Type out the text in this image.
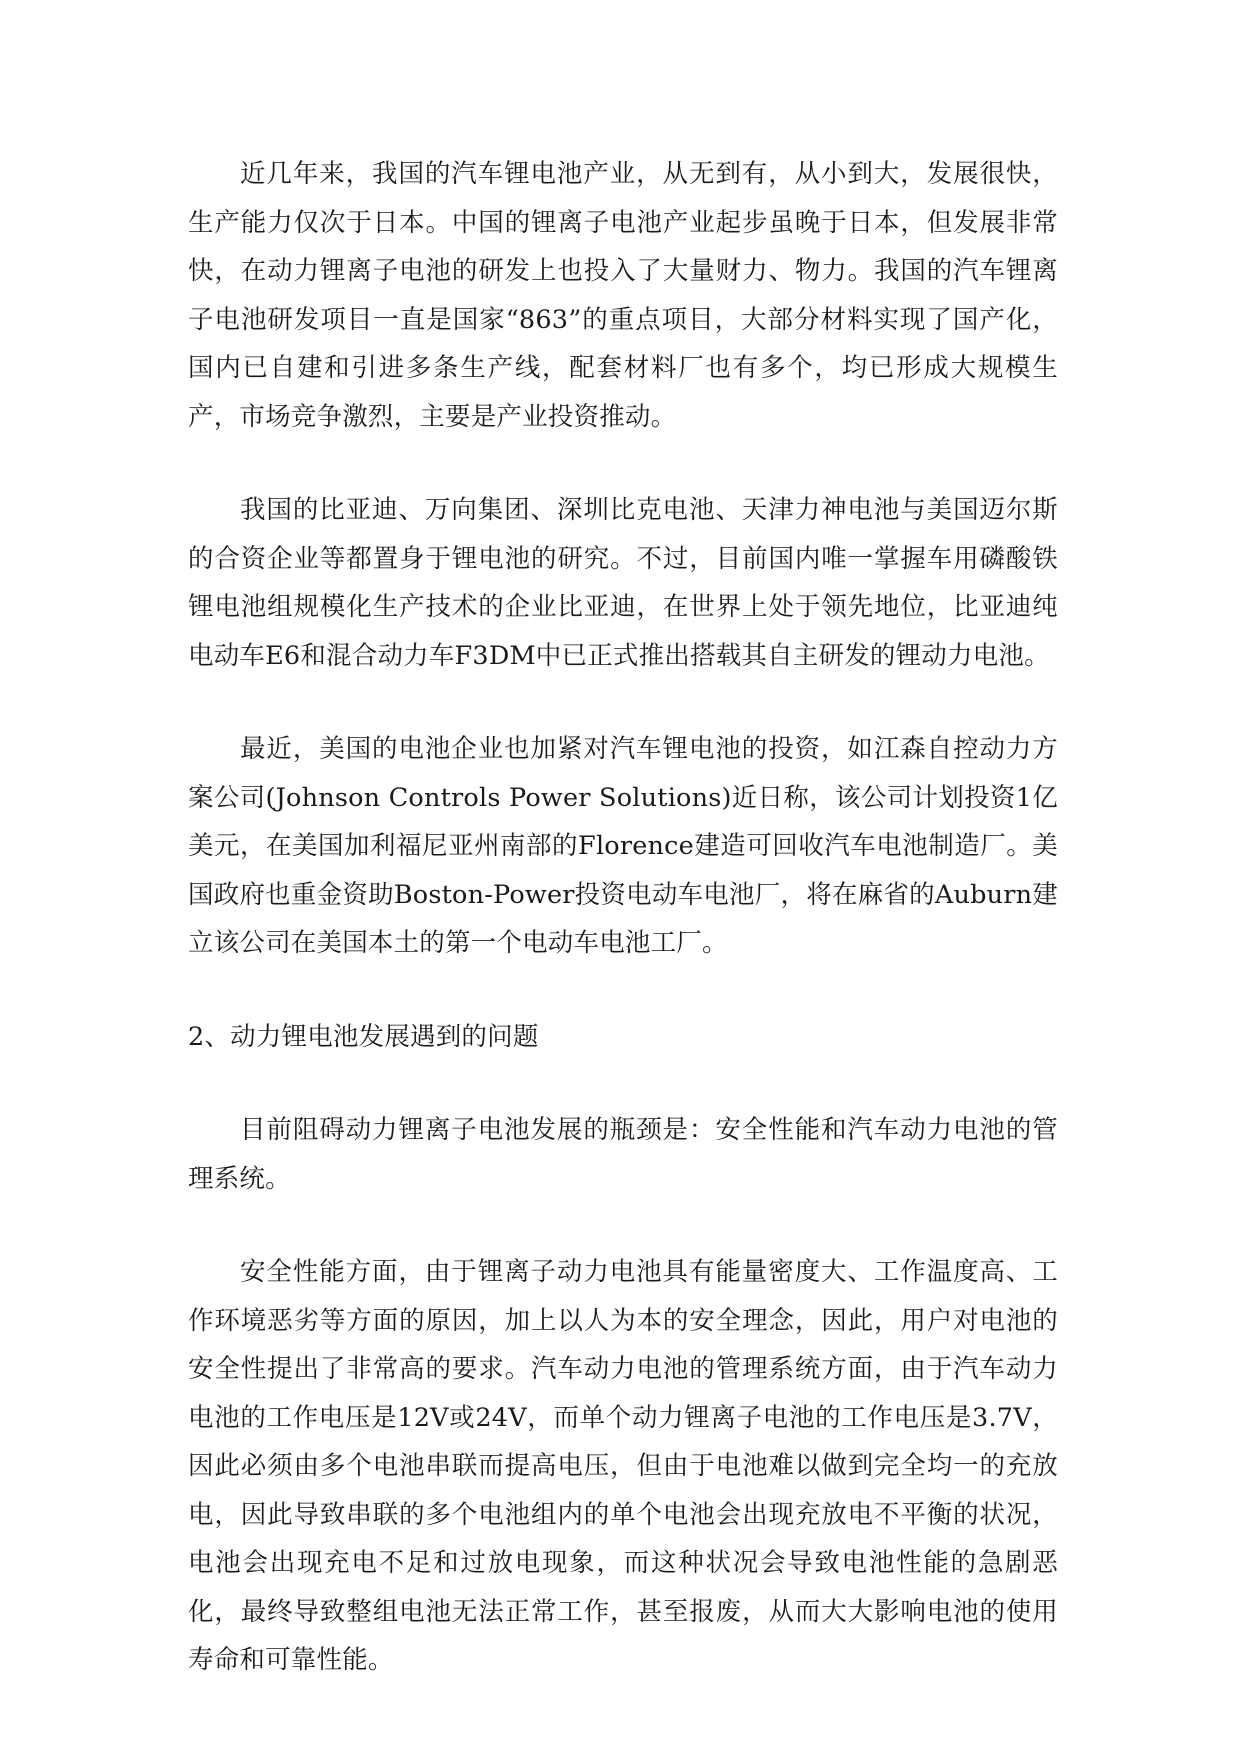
近几年来，我国的汽车锂电池产业，从无到有，从小到大，发展很快，生产能力仅次于日本。中国的锂离子电池产业起步虽晚于日本，但发展非常快，在动力锂离子电池的研发上也投入了大量财力、物力。我国的汽车锂离子电池研发项目一直是国家“863”的重点项目，大部分材料实现了国产化，国内已自建和引进多条生产线，配套材料厂也有多个，均已形成大规模生产，市场竞争激烈，主要是产业投资推动。

我国的比亚迪、万向集团、深圳比克电池、天津力神电池与美国迈尔斯的合资企业等都置身于锂电池的研究。不过，目前国内唯一掌握车用磷酸铁锂电池组规模化生产技术的企业比亚迪，在世界上处于领先地位，比亚迪纯电动车E6和混合动力车F3DM中已正式推出搭载其自主研发的锂动力电池。

最近，美国的电池企业也加紧对汽车锂电池的投资，如江森自控动力方案公司(Johnson Controls Power Solutions)近日称，该公司计划投资1亿美元，在美国加利福尼亚州南部的Florence建造可回收汽车电池制造厂。美国政府也重金资助Boston-Power投资电动车电池厂，将在麻省的Auburn建立该公司在美国本土的第一个电动车电池工厂。

2、动力锂电池发展遇到的问题

目前阻碍动力锂离子电池发展的瓶颈是：安全性能和汽车动力电池的管理系统。

安全性能方面，由于锂离子动力电池具有能量密度大、工作温度高、工作环境恶劣等方面的原因，加上以人为本的安全理念，因此，用户对电池的安全性提出了非常高的要求。汽车动力电池的管理系统方面，由于汽车动力电池的工作电压是12V或24V，而单个动力锂离子电池的工作电压是3.7V，因此必须由多个电池串联而提高电压，但由于电池难以做到完全均一的充放电，因此导致串联的多个电池组内的单个电池会出现充放电不平衡的状况，电池会出现充电不足和过放电现象，而这种状况会导致电池性能的急剧恶化，最终导致整组电池无法正常工作，甚至报废，从而大大影响电池的使用寿命和可靠性能。
